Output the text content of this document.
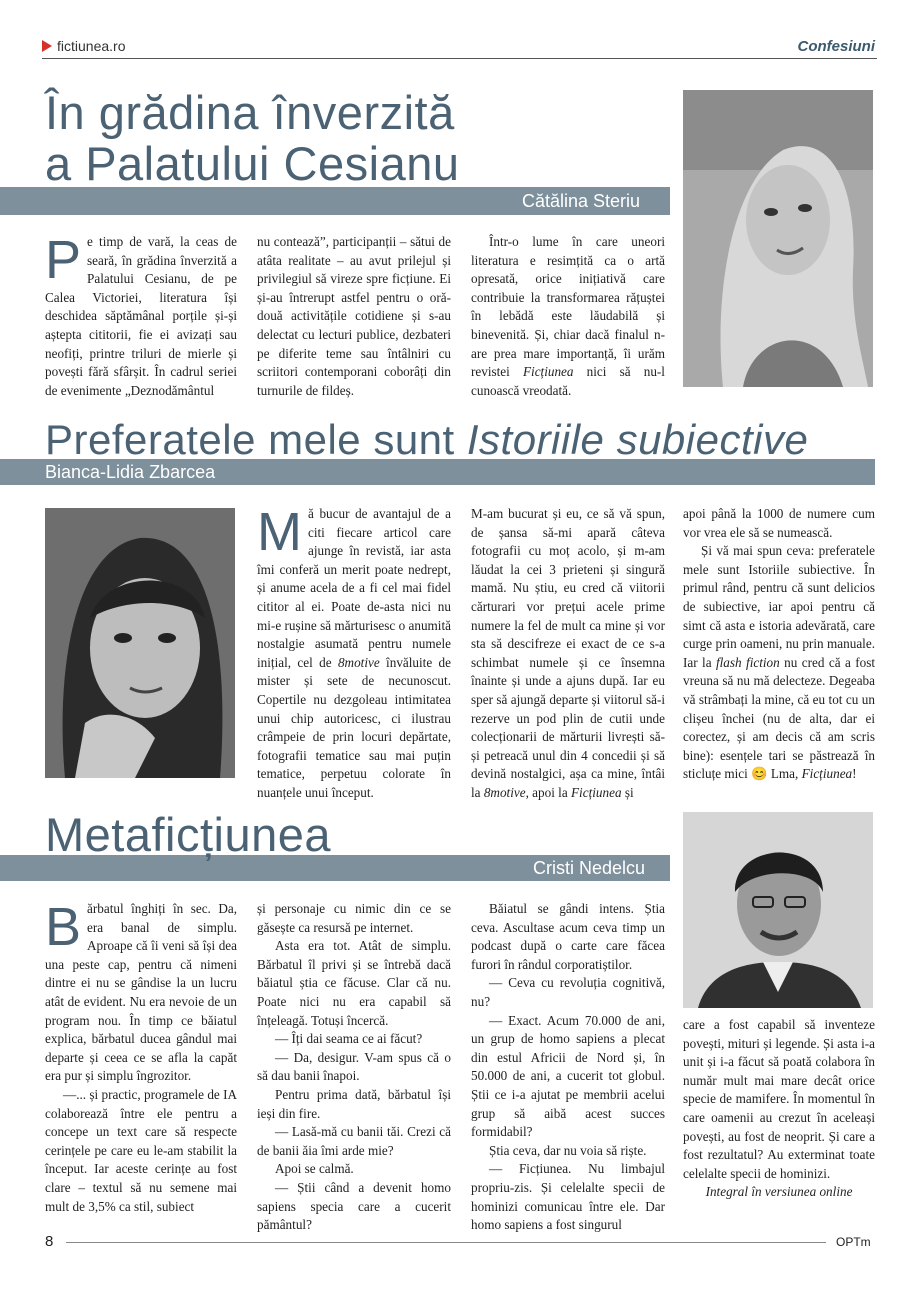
fictiunea.ro	Confesiuni
În grădina înverzită
a Palatului Cesianu
Cătălina Steriu

Pe timp de vară, la ceas de seară, în grădina înverzită a Palatului Cesianu, de pe Calea Victoriei, literatura își deschidea săptămânal porțile și-și aștepta cititorii, fie ei avizați sau neofiți, printre triluri de mierle și povești fără sfârșit. În cadrul seriei de evenimente „Deznodământul

nu contează”, participanții – sătui de atâta realitate – au avut prilejul și privilegiul să vireze spre ficțiune. Ei și-au întrerupt astfel pentru o oră-două activitățile cotidiene și s-au delectat cu lecturi publice, dezbateri pe diferite teme sau întâlniri cu scriitori contemporani coborâți din turnurile de fildeș.

Într-o lume în care uneori literatura e resimțită ca o artă opresată, orice inițiativă care contribuie la transformarea rățuștei în lebădă este lăudabilă și binevenită. Și, chiar dacă finalul n-are prea mare importanță, îi urăm revistei Ficțiunea nici să nu-l cunoască vreodată.

Preferatele mele sunt Istoriile subiective
Bianca-Lidia Zbarcea

Mă bucur de avantajul de a citi fiecare articol care ajunge în revistă, iar asta îmi conferă un merit poate nedrept, și anume acela de a fi cel mai fidel cititor al ei. Poate de-asta nici nu mi-e rușine să mărturisesc o anumită nostalgie asumată pentru numele inițial, cel de 8motive învăluite de mister și sete de necunoscut. Copertile nu dezgoleau intimitatea unui chip autoricesc, ci ilustrau crâmpeie de prin locuri depărtate, fotografii tematice sau mai puțin tematice, perpetuu colorate în nuanțele unui început.

M-am bucurat și eu, ce să vă spun, de șansa să-mi apară câteva fotografii cu moț acolo, și m-am lăudat la cei 3 prieteni și singură mamă. Nu știu, eu cred că viitorii cărturari vor prețui acele prime numere la fel de mult ca mine și vor sta să descifreze ei exact de ce s-a schimbat numele și ce însemna înainte și unde a ajuns după. Iar eu sper să ajungă departe și viitorul să-i rezerve un pod plin de cutii unde colecționarii de mărturii livrești să-și petreacă unul din 4 concedii și să devină nostalgici, așa ca mine, întâi la 8motive, apoi la Ficțiunea și

apoi până la 1000 de numere cum vor vrea ele să se numească.

Și vă mai spun ceva: preferatele mele sunt Istoriile subiective. În primul rând, pentru că sunt delicios de subiective, iar apoi pentru că simt că asta e istoria adevărată, care curge prin oameni, nu prin manuale. Iar la flash fiction nu cred că a fost vreuna să nu mă delecteze. Degeaba vă strâmbați la mine, că eu tot cu un clișeu închei (nu de alta, dar ei corectez, și am decis că am scris bine): esențele tari se păstrează în sticluțe mici 😊 Lma, Ficțiunea!

Metaficțiunea
Cristi Nedelcu

Bărbatul înghiți în sec. Da, era banal de simplu. Aproape că îi veni să își dea una peste cap, pentru că nimeni dintre ei nu se gândise la un lucru atât de evident. Nu era nevoie de un program nou. În timp ce băiatul explica, bărbatul ducea gândul mai departe și ceea ce se afla la capăt era pur și simplu îngrozitor.

—... și practic, programele de IA colaborează între ele pentru a concepe un text care să respecte cerințele pe care eu le-am stabilit la început. Iar aceste cerințe au fost clare – textul să nu semene mai mult de 3,5% ca stil, subiect

și personaje cu nimic din ce se găsește ca resursă pe internet.

Asta era tot. Atât de simplu. Bărbatul îl privi și se întrebă dacă băiatul știa ce făcuse. Clar că nu. Poate nici nu era capabil să înțeleagă. Totuși încercă.

— Îți dai seama ce ai făcut?

— Da, desigur. V-am spus că o să dau banii înapoi.

Pentru prima dată, bărbatul își ieși din fire.

— Lasă-mă cu banii tăi. Crezi că de banii ăia îmi arde mie?

Apoi se calmă.

— Știi când a devenit homo sapiens specia care a cucerit pământul?

Băiatul se gândi intens. Știa ceva. Ascultase acum ceva timp un podcast după o carte care făcea furori în rândul corporatiștilor.

— Ceva cu revoluția cognitivă, nu?

— Exact. Acum 70.000 de ani, un grup de homo sapiens a plecat din estul Africii de Nord și, în 50.000 de ani, a cucerit tot globul. Știi ce i-a ajutat pe membrii acelui grup să aibă acest succes formidabil?

Știa ceva, dar nu voia să riște.

— Ficțiunea. Nu limbajul propriu-zis. Și celelalte specii de hominizi comunicau între ele. Dar homo sapiens a fost singurul

care a fost capabil să inventeze povești, mituri și legende. Și asta i-a unit și i-a făcut să poată colabora în număr mult mai mare decât orice specie de mamifere. În momentul în care oamenii au crezut în aceleași povești, au fost de neoprit. Și care a fost rezultatul? Au exterminat toate celelalte specii de hominizi.

Integral în versiunea online

8	OPTm
